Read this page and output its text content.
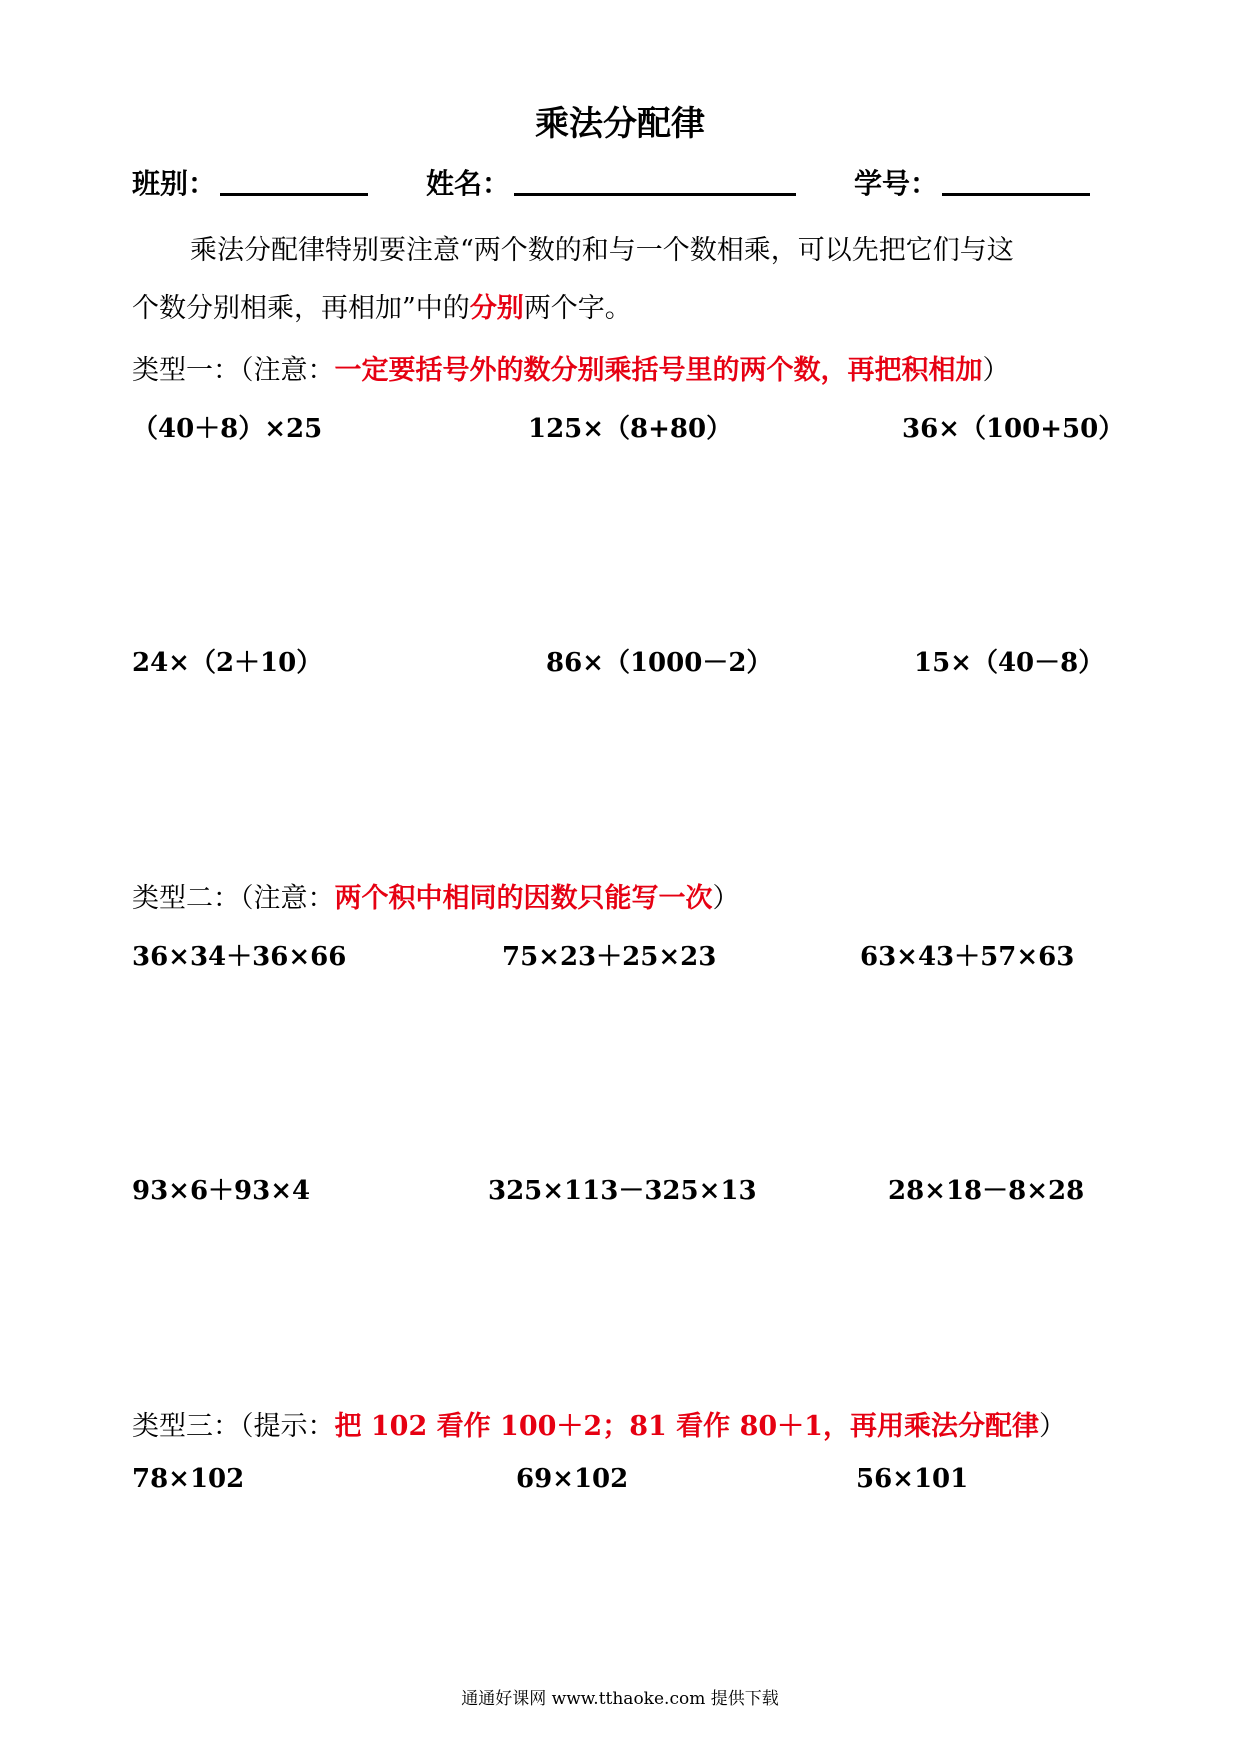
乘法分配律
班别：	姓名：	学号：
乘法分配律特别要注意“两个数的和与一个数相乘，可以先把它们与这
个数分别相乘，再相加”中的分别两个字。
类型一：（注意：一定要括号外的数分别乘括号里的两个数，再把积相加）
（40＋8）×25	125×（8+80）	36×（100+50）
24×（2＋10）	86×（1000－2）	15×（40－8）
类型二：（注意：两个积中相同的因数只能写一次）
36×34＋36×66	75×23＋25×23	63×43＋57×63
93×6＋93×4	325×113－325×13	28×18－8×28
类型三：（提示：把 102 看作 100＋2；81 看作 80＋1，再用乘法分配律）
78×102	69×102	56×101
通通好课网 www.tthaoke.com 提供下载
